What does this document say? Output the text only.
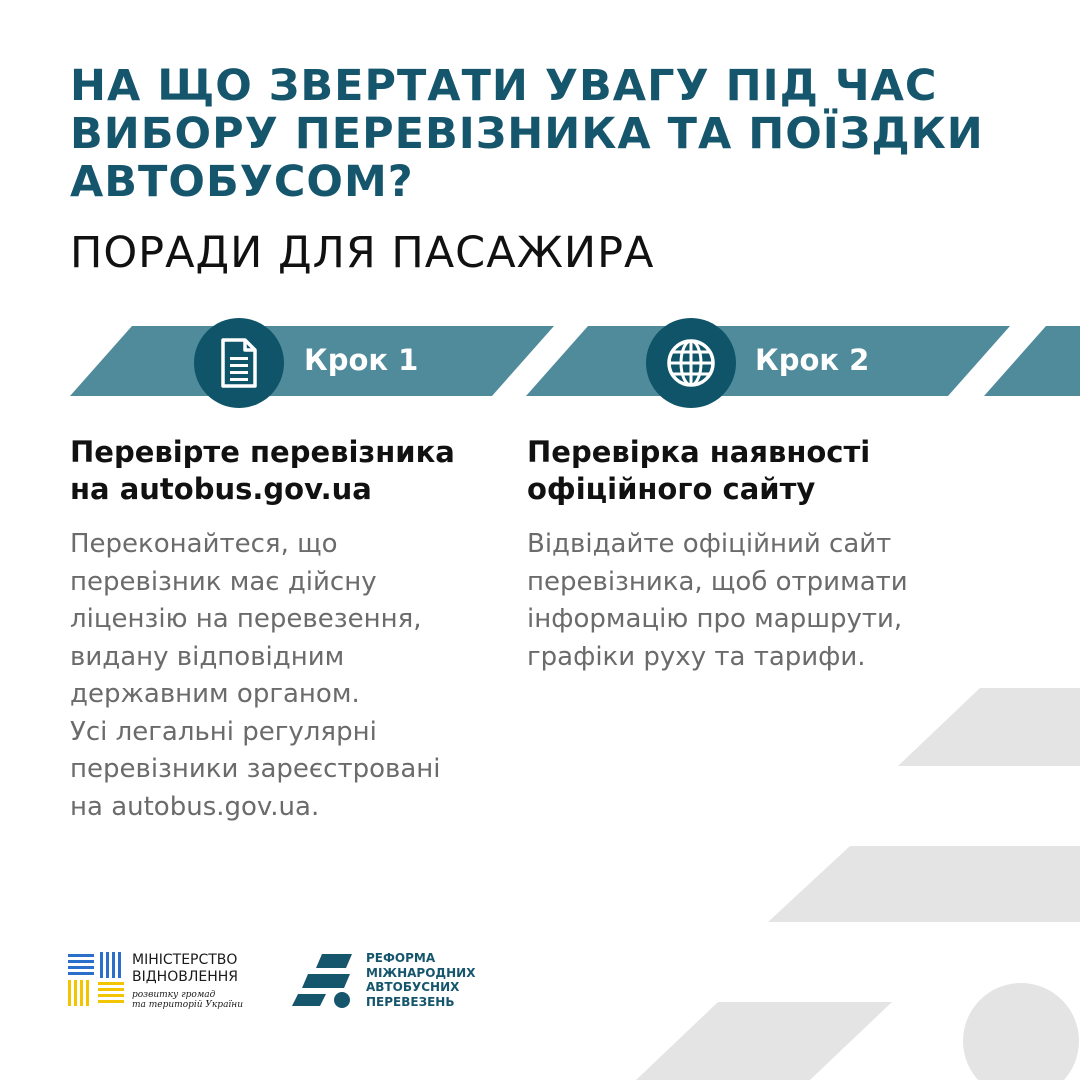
НА ЩО ЗВЕРТАТИ УВАГУ ПІД ЧАС ВИБОРУ ПЕРЕВІЗНИКА ТА ПОЇЗДКИ АВТОБУСОМ?
ПОРАДИ ДЛЯ ПАСАЖИРА
Крок 1	Крок 2
Перевірте перевізника
на autobus.gov.ua

Переконайтеся, що
перевізник має дійсну
ліцензію на перевезення,
видану відповідним
державним органом.
Усі легальні регулярні
перевізники зареєстровані
на autobus.gov.ua.

Перевірка наявності
офіційного сайту

Відвідайте офіційний сайт
перевізника, щоб отримати
інформацію про маршрути,
графіки руху та тарифи.

МІНІСТЕРСТВО
ВІДНОВЛЕННЯ
розвитку громад
та територій України
РЕФОРМА
МІЖНАРОДНИХ
АВТОБУСНИХ
ПЕРЕВЕЗЕНЬ
